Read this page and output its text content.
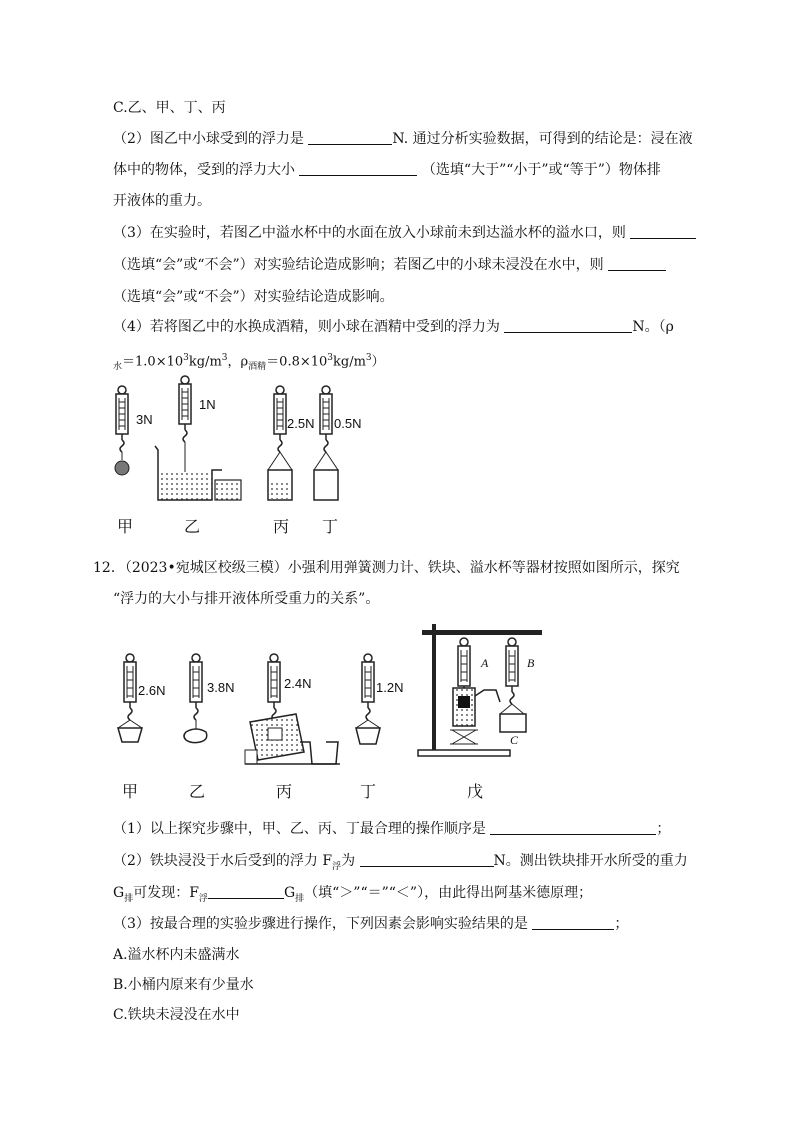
C.乙、甲、丁、丙
（2）图乙中小球受到的浮力是	N. 通过分析实验数据，可得到的结论是：浸在液
体中的物体，受到的浮力大小	（选填“大于”“小于”或“等于”）物体排
开液体的重力。
（3）在实验时，若图乙中溢水杯中的水面在放入小球前未到达溢水杯的溢水口，则
（选填“会”或“不会”）对实验结论造成影响；若图乙中的小球未浸没在水中，则
（选填“会”或“不会”）对实验结论造成影响。
（4）若将图乙中的水换成酒精，则小球在酒精中受到的浮力为	N。（ρ
$_水=1.0\times 10^3kg/m^3$，$\rho_{酒精}=0.8\times 10^3kg/m^3$）
3N
1N
2.5N 0.5N
甲	乙	丙 丁
12．（2023•宛城区校级三模）小强利用弹簧测力计、铁块、溢水杯等器材按照如图所示，探究
“浮力的大小与排开液体所受重力的关系”。
2.6N	3.8N	2.4N	1.2N
A	B
C
甲	乙	丙	丁	戊
（1）以上探究步骤中，甲、乙、丙、丁最合理的操作顺序是	；
（2）铁块浸没于水后受到的浮力 $F_浮$为	N。测出铁块排开水所受的重力
$G_排$可发现：$F_浮$	$G_排$（填“＞”“＝”“＜”），由此得出阿基米德原理；
（3）按最合理的实验步骤进行操作，下列因素会影响实验结果的是	；
A.溢水杯内未盛满水
B.小桶内原来有少量水
C.铁块未浸没在水中
